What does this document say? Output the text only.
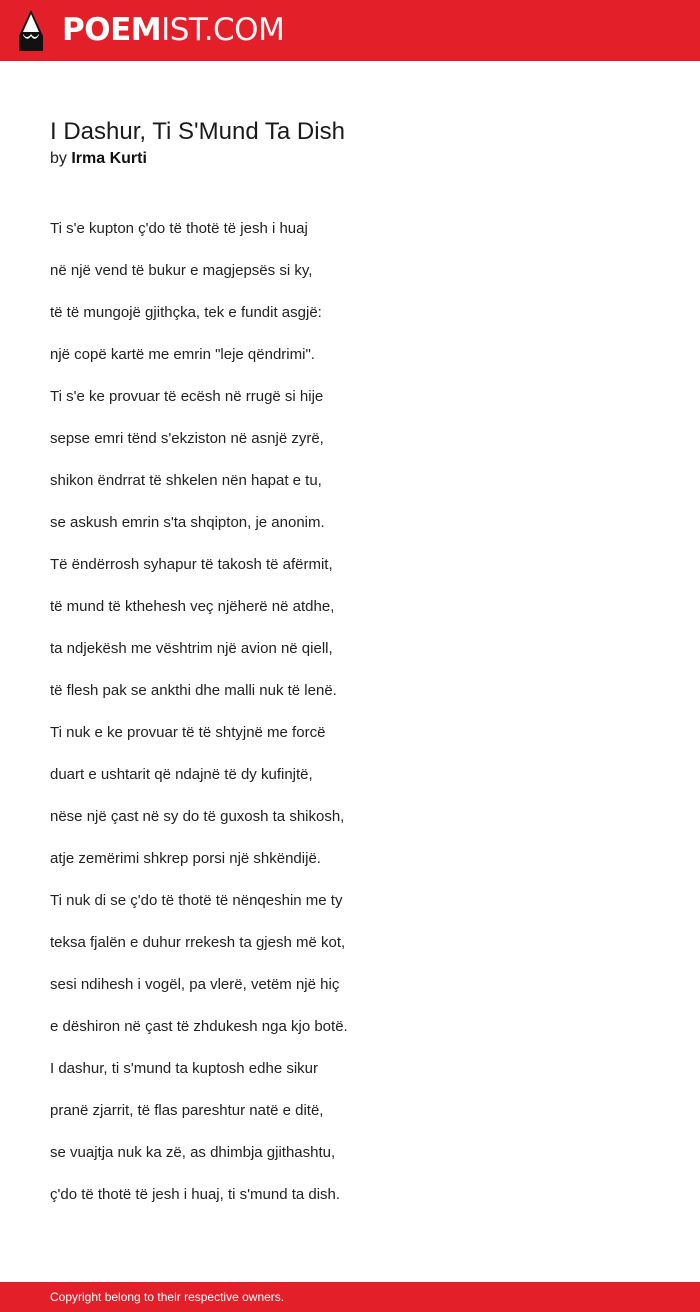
POEMIST.COM
I Dashur, Ti S'Mund Ta Dish
by Irma Kurti
Ti s'e kupton ç'do të thotë të jesh i huaj
në një vend të bukur e magjepsës si ky,
të të mungojë gjithçka, tek e fundit asgjë:
një copë kartë me emrin "leje qëndrimi".
Ti s'e ke provuar të ecësh në rrugë si hije
sepse emri tënd s'ekziston në asnjë zyrë,
shikon ëndrrat të shkelen nën hapat e tu,
se askush emrin s'ta shqipton, je anonim.
Të ëndërrosh syhapur të takosh të afërmit,
të mund të kthehesh veç njëherë në atdhe,
ta ndjekësh me vështrim një avion në qiell,
të flesh pak se ankthi dhe malli nuk të lenë.
Ti nuk e ke provuar të të shtyjnë me forcë
duart e ushtarit që ndajnë të dy kufinjtë,
nëse një çast në sy do të guxosh ta shikosh,
atje zemërimi shkrep porsi një shkëndijë.
Ti nuk di se ç'do të thotë të nënqeshin me ty
teksa fjalën e duhur rrekesh ta gjesh më kot,
sesi ndihesh i vogël, pa vlerë, vetëm një hiç
e dëshiron në çast të zhdukesh nga kjo botë.
I dashur, ti s'mund ta kuptosh edhe sikur
pranë zjarrit, të flas pareshtur natë e ditë,
se vuajtja nuk ka zë, as dhimbja gjithashtu,
ç'do të thotë të jesh i huaj, ti s'mund ta dish.
Copyright belong to their respective owners.
